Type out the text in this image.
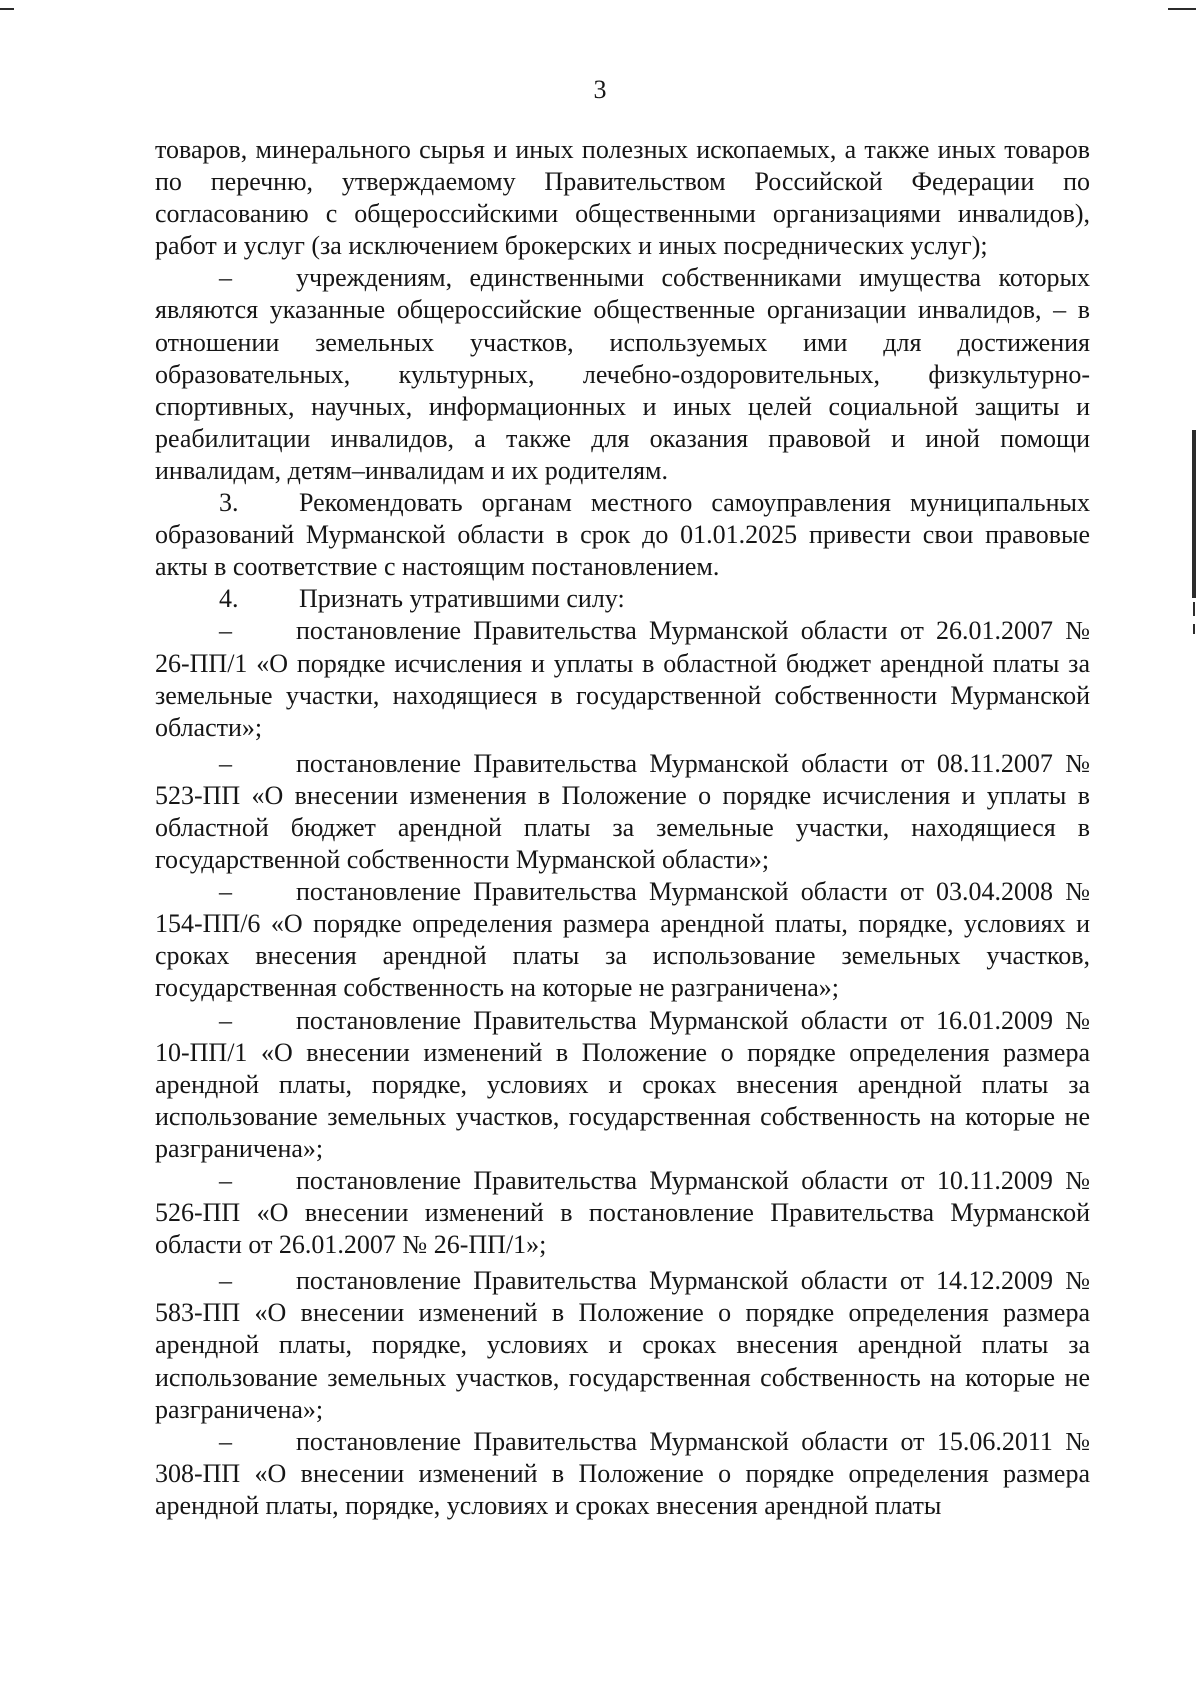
3

товаров, минерального сырья и иных полезных ископаемых, а также иных товаров по перечню, утверждаемому Правительством Российской Федерации по согласованию с общероссийскими общественными организациями инвалидов), работ и услуг (за исключением брокерских и иных посреднических услуг);

– учреждениям, единственными собственниками имущества которых являются указанные общероссийские общественные организации инвалидов, – в отношении земельных участков, используемых ими для достижения образовательных, культурных, лечебно-оздоровительных, физкультурно-спортивных, научных, информационных и иных целей социальной защиты и реабилитации инвалидов, а также для оказания правовой и иной помощи инвалидам, детям–инвалидам и их родителям.

3. Рекомендовать органам местного самоуправления муниципальных образований Мурманской области в срок до 01.01.2025 привести свои правовые акты в соответствие с настоящим постановлением.

4. Признать утратившими силу:

– постановление Правительства Мурманской области от 26.01.2007 № 26-ПП/1 «О порядке исчисления и уплаты в областной бюджет арендной платы за земельные участки, находящиеся в государственной собственности Мурманской области»;

– постановление Правительства Мурманской области от 08.11.2007 № 523-ПП «О внесении изменения в Положение о порядке исчисления и уплаты в областной бюджет арендной платы за земельные участки, находящиеся в государственной собственности Мурманской области»;

– постановление Правительства Мурманской области от 03.04.2008 № 154-ПП/6 «О порядке определения размера арендной платы, порядке, условиях и сроках внесения арендной платы за использование земельных участков, государственная собственность на которые не разграничена»;

– постановление Правительства Мурманской области от 16.01.2009 № 10-ПП/1 «О внесении изменений в Положение о порядке определения размера арендной платы, порядке, условиях и сроках внесения арендной платы за использование земельных участков, государственная собственность на которые не разграничена»;

– постановление Правительства Мурманской области от 10.11.2009 № 526-ПП «О внесении изменений в постановление Правительства Мурманской области от 26.01.2007 № 26-ПП/1»;

– постановление Правительства Мурманской области от 14.12.2009 № 583-ПП «О внесении изменений в Положение о порядке определения размера арендной платы, порядке, условиях и сроках внесения арендной платы за использование земельных участков, государственная собственность на которые не разграничена»;

– постановление Правительства Мурманской области от 15.06.2011 № 308-ПП «О внесении изменений в Положение о порядке определения размера арендной платы, порядке, условиях и сроках внесения арендной платы
